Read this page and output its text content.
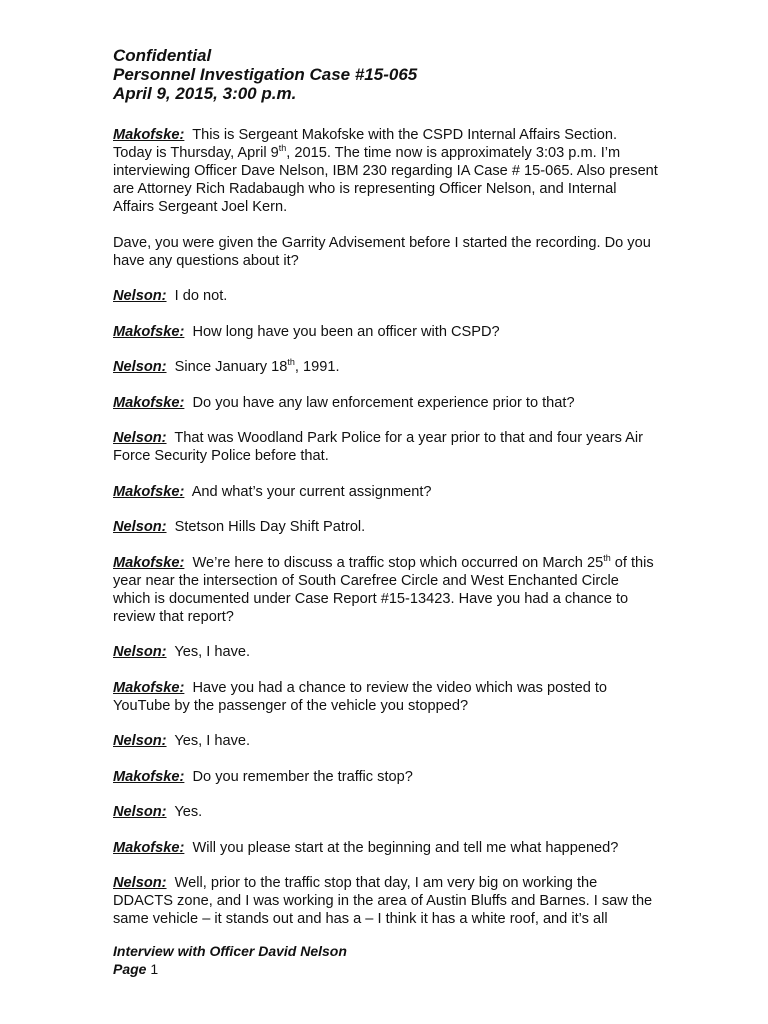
Confidential
Personnel Investigation Case #15-065
April 9, 2015, 3:00 p.m.

Makofske: This is Sergeant Makofske with the CSPD Internal Affairs Section. Today is Thursday, April 9th, 2015. The time now is approximately 3:03 p.m. I’m interviewing Officer Dave Nelson, IBM 230 regarding IA Case # 15-065. Also present are Attorney Rich Radabaugh who is representing Officer Nelson, and Internal Affairs Sergeant Joel Kern.

Dave, you were given the Garrity Advisement before I started the recording. Do you have any questions about it?

Nelson: I do not.

Makofske: How long have you been an officer with CSPD?

Nelson: Since January 18th, 1991.

Makofske: Do you have any law enforcement experience prior to that?

Nelson: That was Woodland Park Police for a year prior to that and four years Air Force Security Police before that.

Makofske: And what’s your current assignment?

Nelson: Stetson Hills Day Shift Patrol.

Makofske: We’re here to discuss a traffic stop which occurred on March 25th of this year near the intersection of South Carefree Circle and West Enchanted Circle which is documented under Case Report #15-13423. Have you had a chance to review that report?

Nelson: Yes, I have.

Makofske: Have you had a chance to review the video which was posted to YouTube by the passenger of the vehicle you stopped?

Nelson: Yes, I have.

Makofske: Do you remember the traffic stop?

Nelson: Yes.

Makofske: Will you please start at the beginning and tell me what happened?

Nelson: Well, prior to the traffic stop that day, I am very big on working the DDACTS zone, and I was working in the area of Austin Bluffs and Barnes. I saw the same vehicle – it stands out and has a – I think it has a white roof, and it’s all

Interview with Officer David Nelson
Page 1
